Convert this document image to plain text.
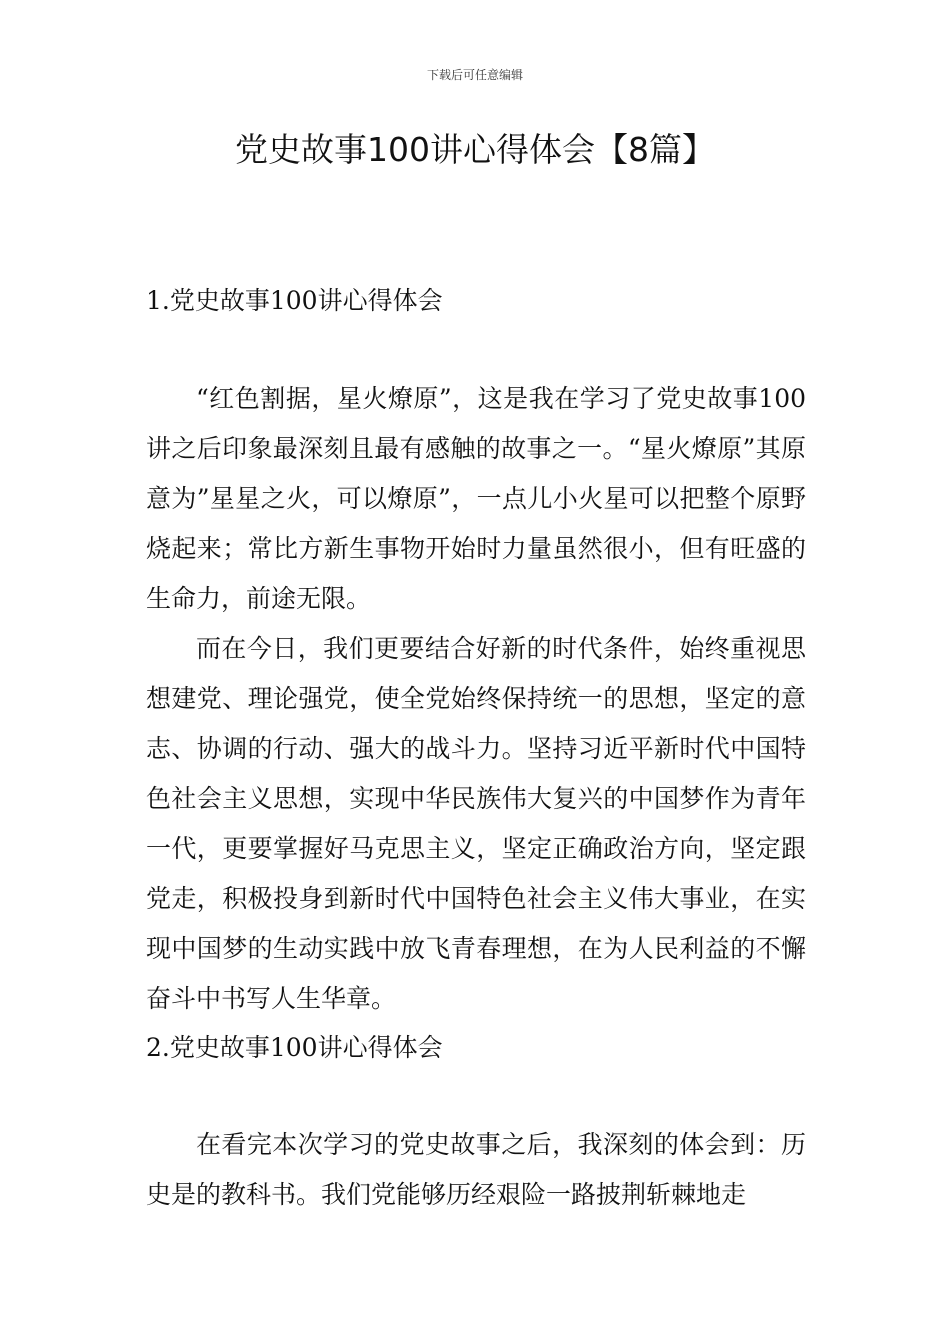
下载后可任意编辑
党史故事100讲心得体会【8篇】
1.党史故事100讲心得体会

“红色割据，星火燎原”，这是我在学习了党史故事100讲之后印象最深刻且最有感触的故事之一。“星火燎原”其原意为”星星之火，可以燎原”，一点儿小火星可以把整个原野烧起来；常比方新生事物开始时力量虽然很小，但有旺盛的生命力，前途无限。

而在今日，我们更要结合好新的时代条件，始终重视思想建党、理论强党，使全党始终保持统一的思想，坚定的意志、协调的行动、强大的战斗力。坚持习近平新时代中国特色社会主义思想，实现中华民族伟大复兴的中国梦作为青年一代，更要掌握好马克思主义，坚定正确政治方向，坚定跟党走，积极投身到新时代中国特色社会主义伟大事业，在实现中国梦的生动实践中放飞青春理想，在为人民利益的不懈奋斗中书写人生华章。

2.党史故事100讲心得体会

在看完本次学习的党史故事之后，我深刻的体会到：历史是的教科书。我们党能够历经艰险一路披荆斩棘地走
